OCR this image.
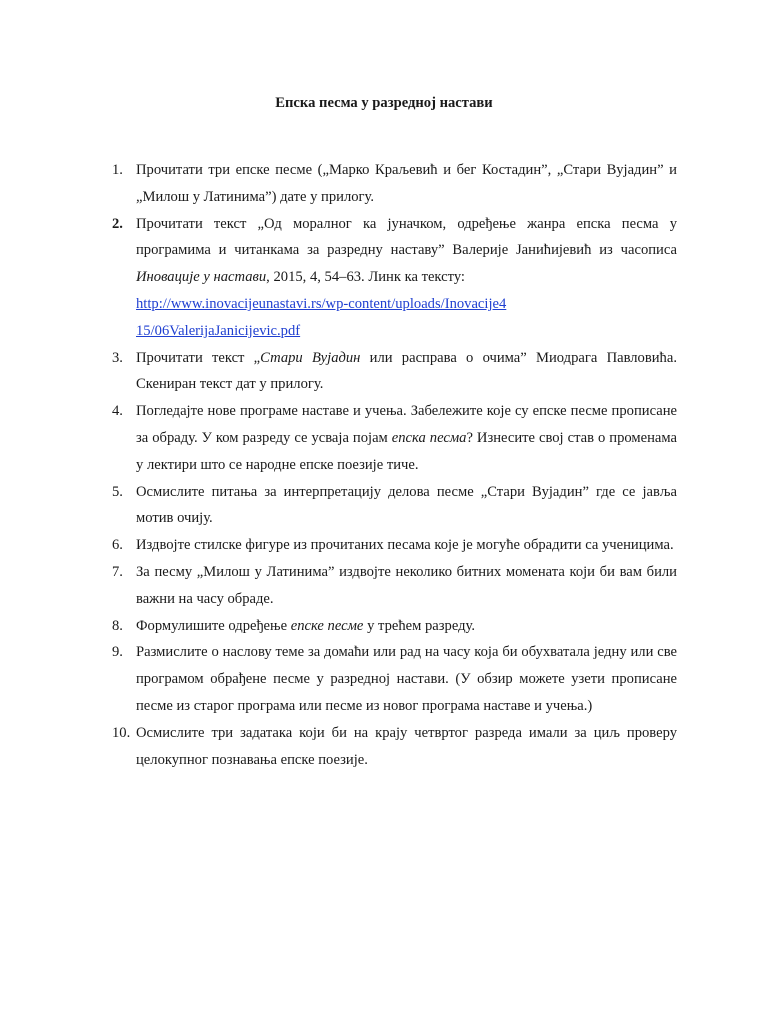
Епска песма у разредној настави
1. Прочитати три епске песме („Марко Краљевић и бег Костадин”, „Стари Вујадин” и „Милош у Латинима”) дате у прилогу.
2. Прочитати текст „Од моралног ка јуначком, одређење жанра епска песма у програмима и читанкама за разредну наставу” Валерије Јанићијевић из часописа Иновације у настави, 2015, 4, 54–63. Линк ка тексту:
http://www.inovacijeunastavi.rs/wp-content/uploads/Inovacije4
15/06ValerijaJanicijevic.pdf
3. Прочитати текст „Стари Вујадин или расправа о очима” Миодрага Павловића. Скениран текст дат у прилогу.
4. Погледајте нове програме наставе и учења. Забележите које су епске песме прописане за обраду. У ком разреду се усваја појам епска песма? Изнесите свој став о променама у лектири што се народне епске поезије тиче.
5. Осмислите питања за интерпретацију делова песме „Стари Вујадин” где се јавља мотив очију.
6. Издвојте стилске фигуре из прочитаних песама које је могуће обрадити са ученицима.
7. За песму „Милош у Латинима” издвојте неколико битних момената који би вам били важни на часу обраде.
8. Формулишите одређење епске песме у трећем разреду.
9. Размислите о наслову теме за домаћи или рад на часу која би обухватала једну или све програмом обрађене песме у разредној настави. (У обзир можете узети прописане песме из старог програма или песме из новог програма наставе и учења.)
10. Осмислите три задатака који би на крају четвртог разреда имали за циљ проверу целокупног познавања епске поезије.
